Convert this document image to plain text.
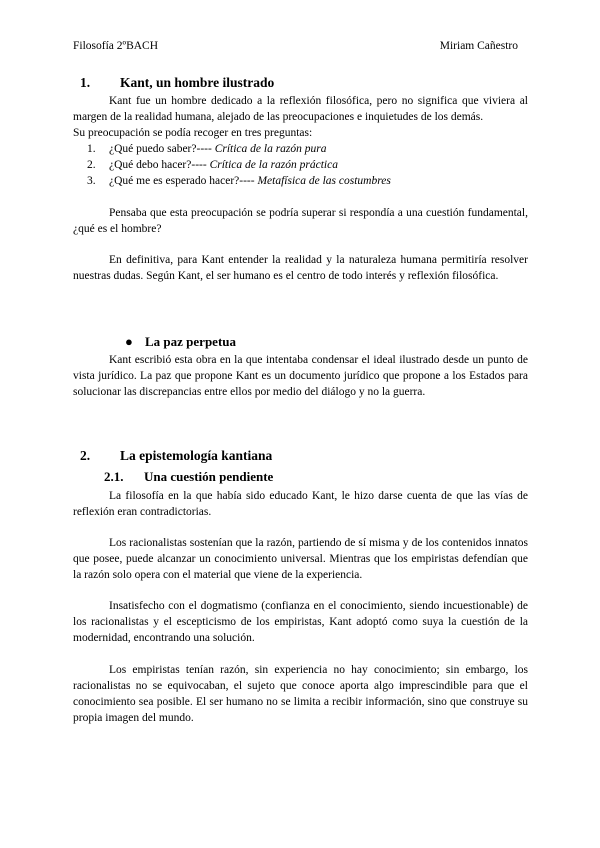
Filosofía 2ºBACH	Miriam Cañestro
1. Kant, un hombre ilustrado
Kant fue un hombre dedicado a la reflexión filosófica, pero no significa que viviera al margen de la realidad humana, alejado de las preocupaciones e inquietudes de los demás.
Su preocupación se podía recoger en tres preguntas:
1. ¿Qué puedo saber?---- Crítica de la razón pura
2. ¿Qué debo hacer?---- Crítica de la razón práctica
3. ¿Qué me es esperado hacer?---- Metafísica de las costumbres
Pensaba que esta preocupación se podría superar si respondía a una cuestión fundamental, ¿qué es el hombre?
En definitiva, para Kant entender la realidad y la naturaleza humana permitiría resolver nuestras dudas. Según Kant, el ser humano es el centro de todo interés y reflexión filosófica.
● La paz perpetua
Kant escribió esta obra en la que intentaba condensar el ideal ilustrado desde un punto de vista jurídico. La paz que propone Kant es un documento jurídico que propone a los Estados para solucionar las discrepancias entre ellos por medio del diálogo y no la guerra.
2. La epistemología kantiana
2.1. Una cuestión pendiente
La filosofía en la que había sido educado Kant, le hizo darse cuenta de que las vías de reflexión eran contradictorias.
Los racionalistas sostenían que la razón, partiendo de sí misma y de los contenidos innatos que posee, puede alcanzar un conocimiento universal. Mientras que los empiristas defendían que la razón solo opera con el material que viene de la experiencia.
Insatisfecho con el dogmatismo (confianza en el conocimiento, siendo incuestionable) de los racionalistas y el escepticismo de los empiristas, Kant adoptó como suya la cuestión de la modernidad, encontrando una solución.
Los empiristas tenían razón, sin experiencia no hay conocimiento; sin embargo, los racionalistas no se equivocaban, el sujeto que conoce aporta algo imprescindible para que el conocimiento sea posible. El ser humano no se limita a recibir información, sino que construye su propia imagen del mundo.
